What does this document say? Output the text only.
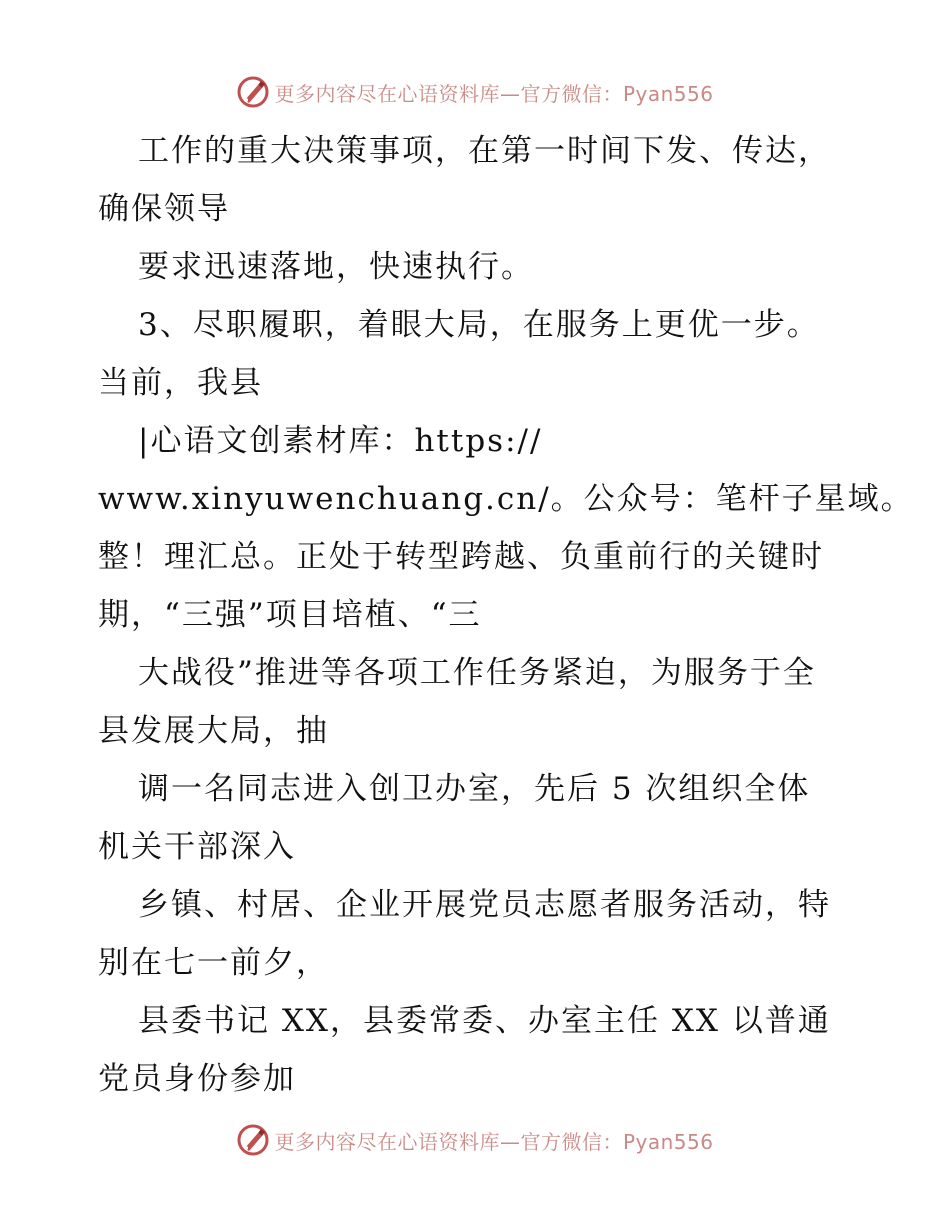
更多内容尽在心语资料库—官方微信：Pyan556
工作的重大决策事项，在第一时间下发、传达，
确保领导
要求迅速落地，快速执行。
3、尽职履职，着眼大局，在服务上更优一步。
当前，我县
|心语文创素材库：https://
www.xinyuwenchuang.cn/。公众号：笔杆子星域。
整！理汇总。正处于转型跨越、负重前行的关键时
期，“三强”项目培植、“三
大战役”推进等各项工作任务紧迫，为服务于全
县发展大局，抽
调一名同志进入创卫办室，先后 5 次组织全体
机关干部深入
乡镇、村居、企业开展党员志愿者服务活动，特
别在七一前夕，
县委书记 XX，县委常委、办室主任 XX 以普通
党员身份参加
更多内容尽在心语资料库—官方微信：Pyan556
